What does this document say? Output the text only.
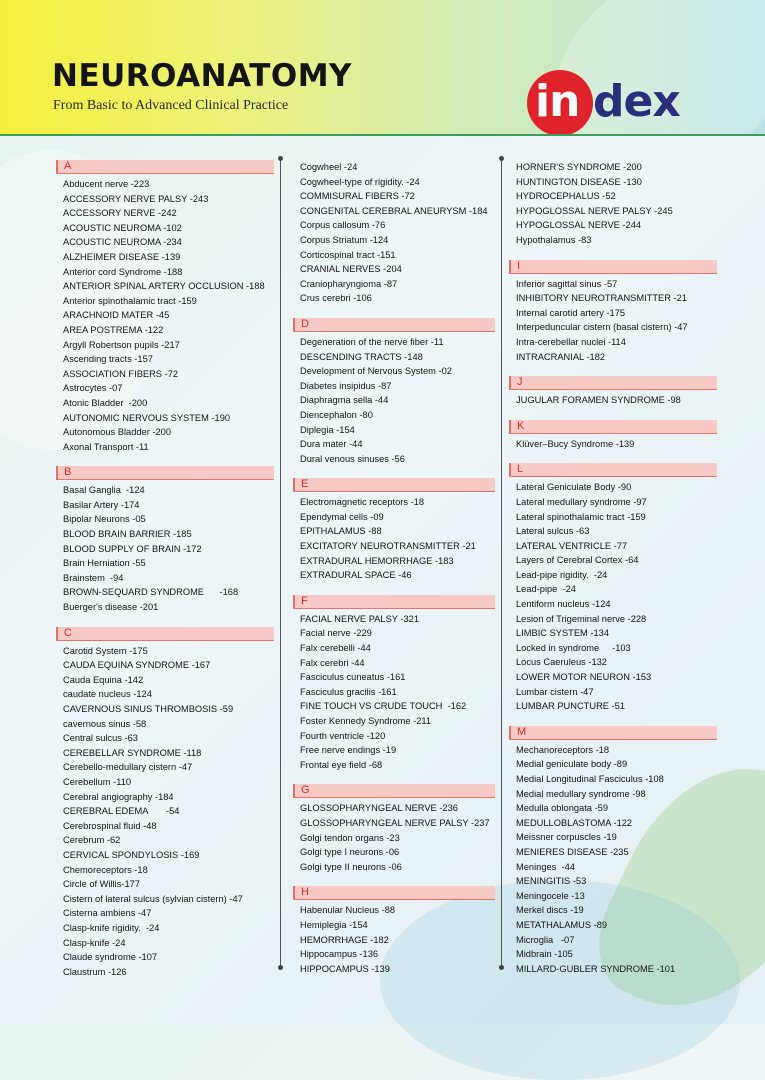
NEUROANATOMY
From Basic to Advanced Clinical Practice	in dex
A
Abducent nerve -223
ACCESSORY NERVE PALSY -243
ACCESSORY NERVE -242
ACOUSTIC NEUROMA -102
ACOUSTIC NEUROMA -234
ALZHEIMER DISEASE -139
Anterior cord Syndrome -188
ANTERIOR SPINAL ARTERY OCCLUSION -188
Anterior spinothalamic tract -159
ARACHNOID MATER -45
AREA POSTREMA -122
Argyll Robertson pupils -217
Ascending tracts -157
ASSOCIATION FIBERS -72
Astrocytes -07
Atonic Bladder  -200
AUTONOMIC NERVOUS SYSTEM -190
Autonomous Bladder -200
Axonal Transport -11
B
Basal Ganglia  -124
Basilar Artery -174
Bipolar Neurons -05
BLOOD BRAIN BARRIER -185
BLOOD SUPPLY OF BRAIN -172
Brain Herniation -55
Brainstem  -94
BROWN-SEQUARD SYNDROME      -168
Buerger's disease -201
C
Carotid System -175
CAUDA EQUINA SYNDROME -167
Cauda Equina -142
caudate nucleus -124
CAVERNOUS SINUS THROMBOSIS -59
cavernous sinus -58
Central sulcus -63
CEREBELLAR SYNDROME -118
Cerebello-medullary cistern -47
Cerebellum -110
Cerebral angiography -184
CEREBRAL EDEMA       -54
Cerebrospinal fluid -48
Cerebrum -62
CERVICAL SPONDYLOSIS -169
Chemoreceptors -18
Circle of Willis-177
Cistern of lateral sulcus (sylvian cistern) -47
Cisterna ambiens -47
Clasp-knife rigidity.  -24
Clasp-knife -24
Claude syndrome -107
Claustrum -126
Cogwheel -24
Cogwheel-type of rigidity. -24
COMMISURAL FIBERS -72
CONGENITAL CEREBRAL ANEURYSM -184
Corpus callosum -76
Corpus Striatum -124
Corticospinal tract -151
CRANIAL NERVES -204
Craniopharyngioma -87
Crus cerebri -106
D
Degeneration of the nerve fiber -11
DESCENDING TRACTS -148
Development of Nervous System -02
Diabetes insipidus -87
Diaphragma sella -44
Diencephalon -80
Diplegia -154
Dura mater -44
Dural venous sinuses -56
E
Electromagnetic receptors -18
Ependymal cells -09
EPITHALAMUS -88
EXCITATORY NEUROTRANSMITTER -21
EXTRADURAL HEMORRHAGE -183
EXTRADURAL SPACE -46
F
FACIAL NERVE PALSY -321
Facial nerve -229
Falx cerebelli -44
Falx cerebri -44
Fasciculus cuneatus -161
Fasciculus gracilis -161
FINE TOUCH VS CRUDE TOUCH  -162
Foster Kennedy Syndrome -211
Fourth ventricle -120
Free nerve endings -19
Frontal eye field -68
G
GLOSSOPHARYNGEAL NERVE -236
GLOSSOPHARYNGEAL NERVE PALSY -237
Golgi tendon organs -23
Golgi type I neurons -06
Golgi type II neurons -06
H
Habenular Nucleus -88
Hemiplegia -154
HEMORRHAGE -182
Hippocampus -136
HIPPOCAMPUS -139
HORNER'S SYNDROME -200
HUNTINGTON DISEASE -130
HYDROCEPHALUS -52
HYPOGLOSSAL NERVE PALSY -245
HYPOGLOSSAL NERVE -244
Hypothalamus -83
I
Inferior sagittal sinus -57
INHIBITORY NEUROTRANSMITTER -21
Internal carotid artery -175
Interpeduncular cistern (basal cistern) -47
Intra-cerebellar nuclei -114
INTRACRANIAL -182
J
JUGULAR FORAMEN SYNDROME -98
K
Klüver–Bucy Syndrome -139
L
Lateral Geniculate Body -90
Lateral medullary syndrome -97
Lateral spinothalamic tract -159
Lateral sulcus -63
LATERAL VENTRICLE -77
Layers of Cerebral Cortex -64
Lead-pipe rigidity.  -24
Lead-pipe  -24
Lentiform nucleus -124
Lesion of Trigeminal nerve -228
LIMBIC SYSTEM -134
Locked in syndrome     -103
Locus Caeruleus -132
LOWER MOTOR NEURON -153
Lumbar cistern -47
LUMBAR PUNCTURE -51
M
Mechanoreceptors -18
Medial geniculate body -89
Medial Longitudinal Fasciculus -108
Medial medullary syndrome -98
Medulla oblongata -59
MEDULLOBLASTOMA -122
Meissner corpuscles -19
MENIERES DISEASE -235
Meninges  -44
MENINGITIS -53
Meningocele -13
Merkel discs -19
METATHALAMUS -89
Microglia   -07
Midbrain -105
MILLARD-GUBLER SYNDROME -101
